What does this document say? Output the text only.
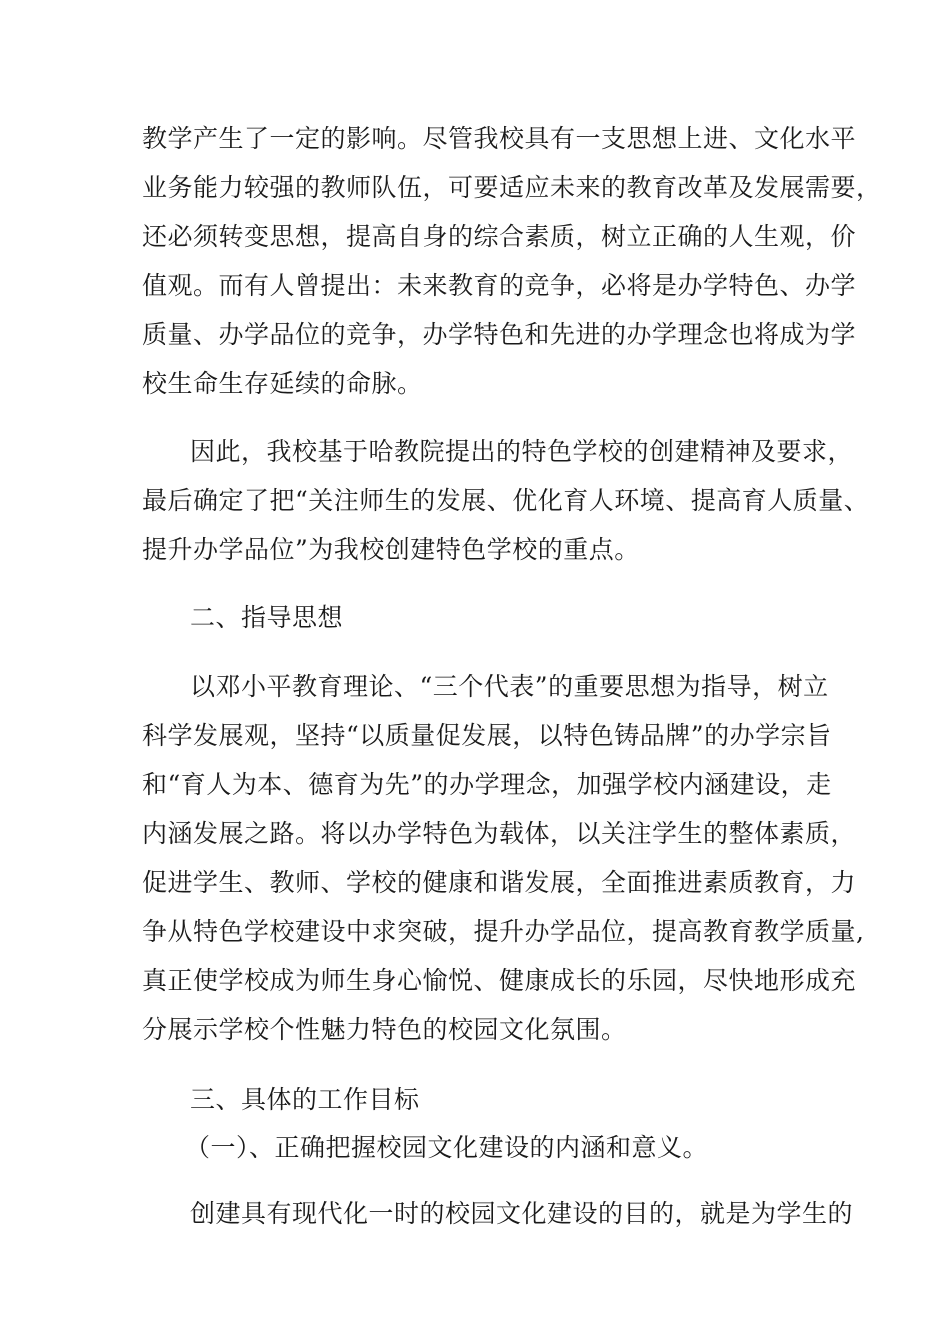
教学产生了一定的影响。尽管我校具有一支思想上进、文化水平
业务能力较强的教师队伍，可要适应未来的教育改革及发展需要，
还必须转变思想，提高自身的综合素质，树立正确的人生观，价
值观。而有人曾提出：未来教育的竞争，必将是办学特色、办学
质量、办学品位的竞争，办学特色和先进的办学理念也将成为学
校生命生存延续的命脉。
因此，我校基于哈教院提出的特色学校的创建精神及要求，
最后确定了把“关注师生的发展、优化育人环境、提高育人质量、
提升办学品位”为我校创建特色学校的重点。
二、指导思想
以邓小平教育理论、“三个代表”的重要思想为指导，树立
科学发展观，坚持“以质量促发展，以特色铸品牌”的办学宗旨
和“育人为本、德育为先”的办学理念，加强学校内涵建设，走
内涵发展之路。将以办学特色为载体，以关注学生的整体素质，
促进学生、教师、学校的健康和谐发展，全面推进素质教育，力
争从特色学校建设中求突破，提升办学品位，提高教育教学质量,
真正使学校成为师生身心愉悦、健康成长的乐园，尽快地形成充
分展示学校个性魅力特色的校园文化氛围。
三、具体的工作目标
（一）、正确把握校园文化建设的内涵和意义。
创建具有现代化一时的校园文化建设的目的，就是为学生的
